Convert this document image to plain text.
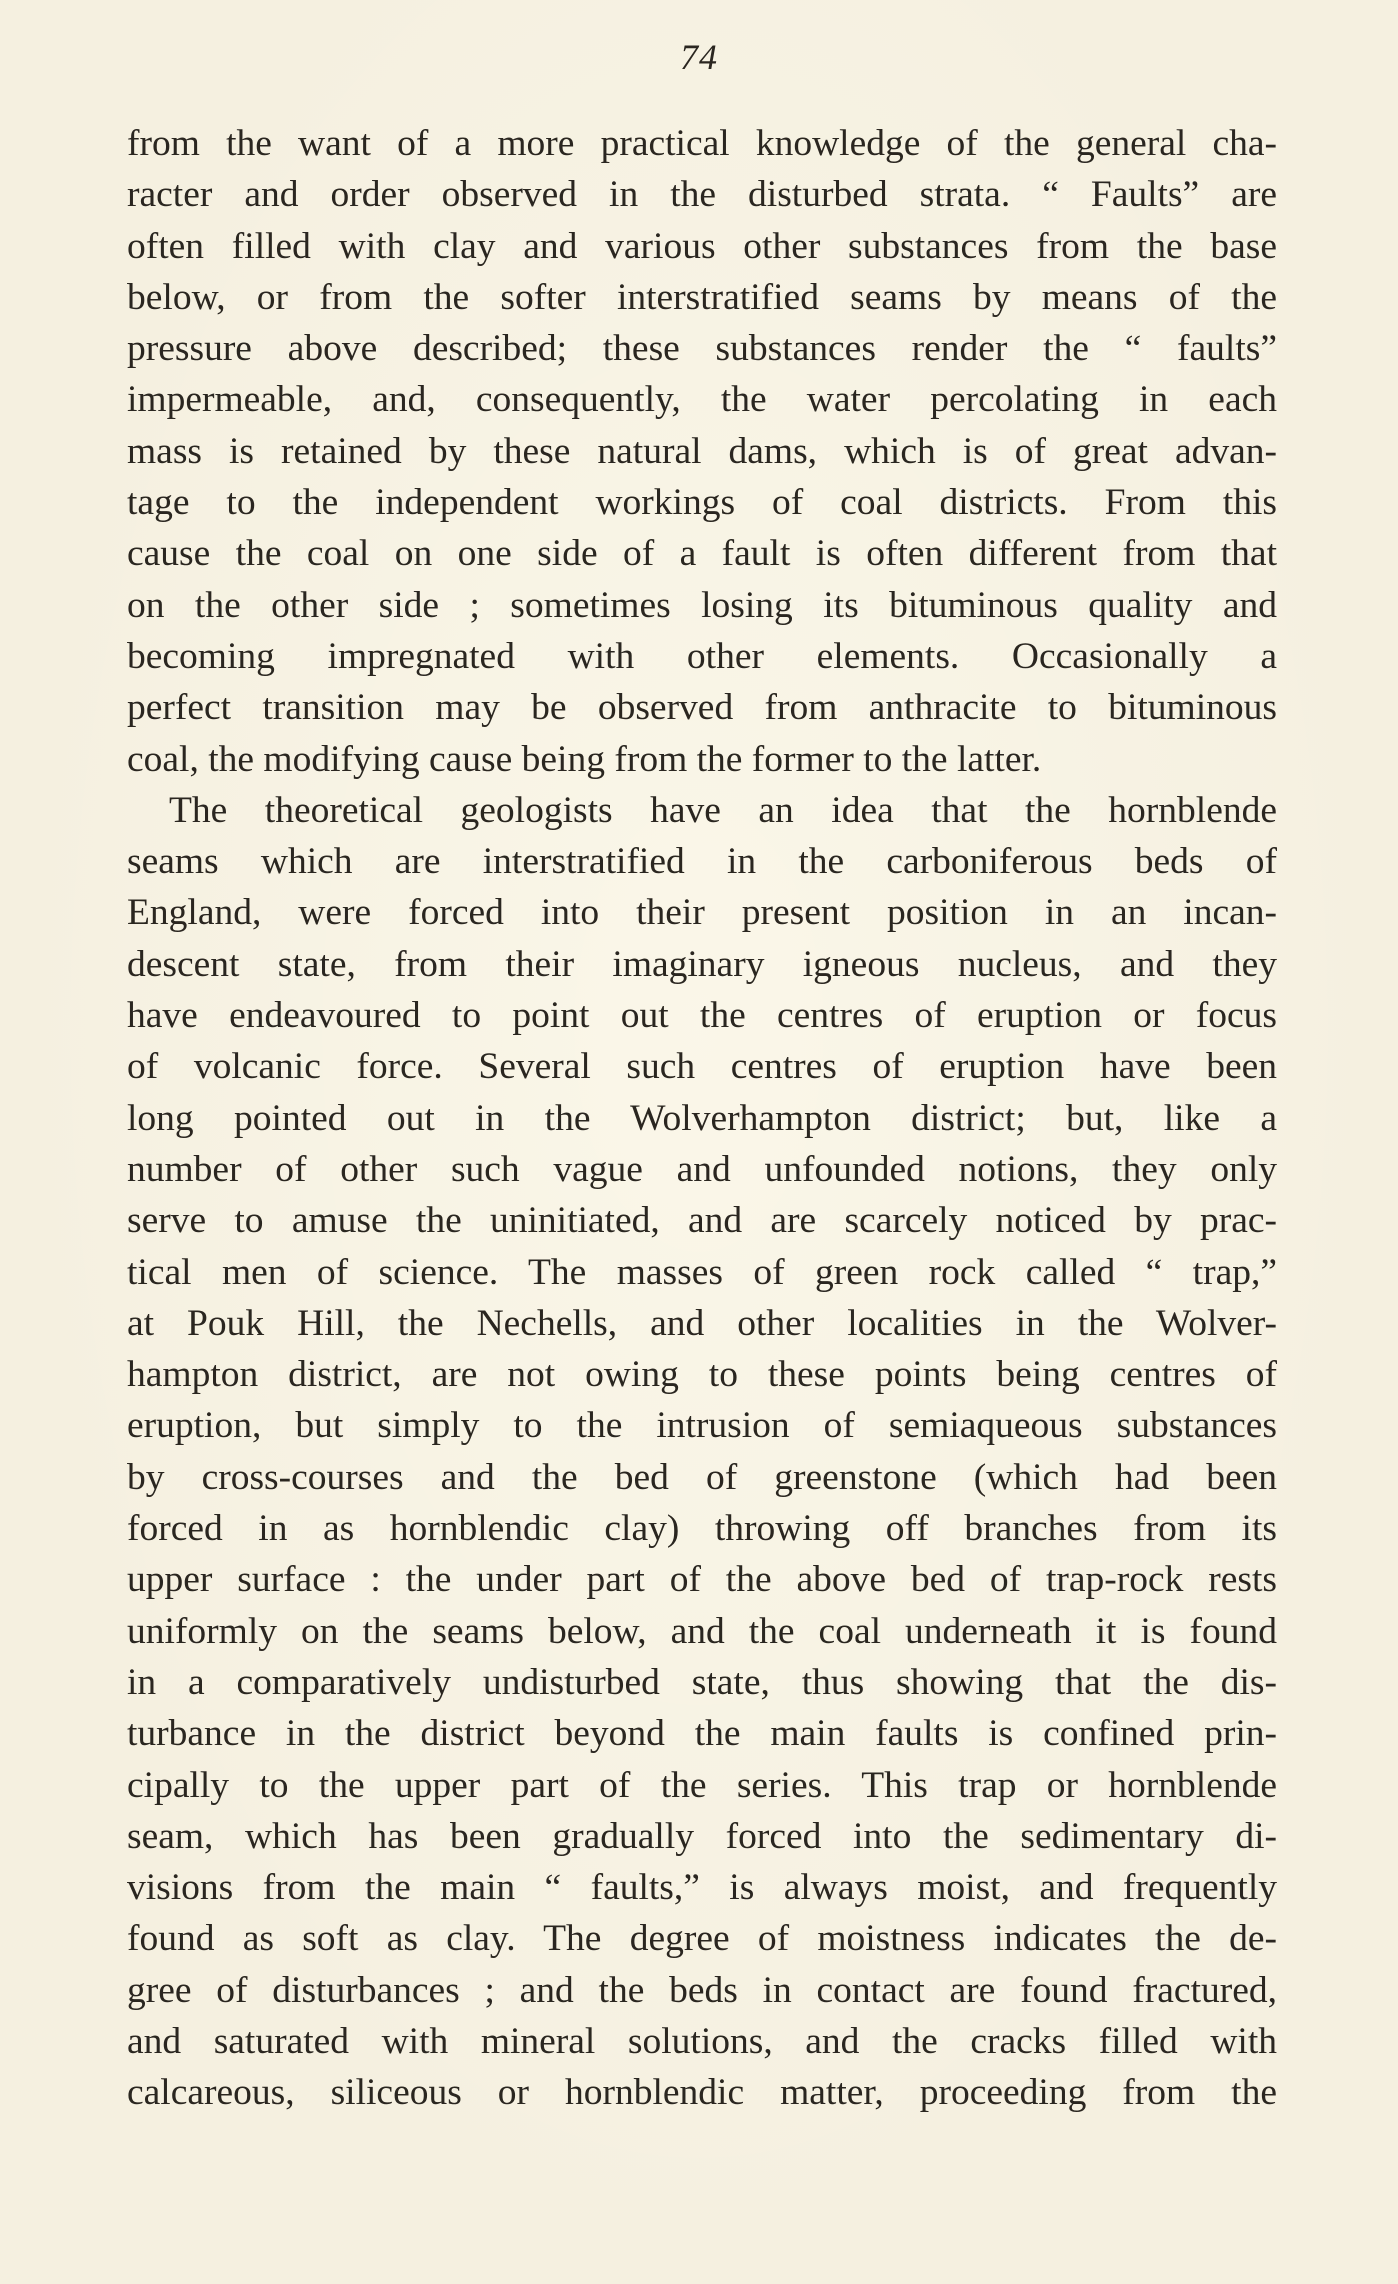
74
from the want of a more practical knowledge of the general cha-
racter and order observed in the disturbed strata. “ Faults” are
often filled with clay and various other substances from the base
below, or from the softer interstratified seams by means of the
pressure above described; these substances render the “ faults”
impermeable, and, consequently, the water percolating in each
mass is retained by these natural dams, which is of great advan-
tage to the independent workings of coal districts. From this
cause the coal on one side of a fault is often different from that
on the other side ; sometimes losing its bituminous quality and
becoming impregnated with other elements. Occasionally a
perfect transition may be observed from anthracite to bituminous
coal, the modifying cause being from the former to the latter.
The theoretical geologists have an idea that the hornblende
seams which are interstratified in the carboniferous beds of
England, were forced into their present position in an incan-
descent state, from their imaginary igneous nucleus, and they
have endeavoured to point out the centres of eruption or focus
of volcanic force. Several such centres of eruption have been
long pointed out in the Wolverhampton district; but, like a
number of other such vague and unfounded notions, they only
serve to amuse the uninitiated, and are scarcely noticed by prac-
tical men of science. The masses of green rock called “ trap,”
at Pouk Hill, the Nechells, and other localities in the Wolver-
hampton district, are not owing to these points being centres of
eruption, but simply to the intrusion of semiaqueous substances
by cross-courses and the bed of greenstone (which had been
forced in as hornblendic clay) throwing off branches from its
upper surface : the under part of the above bed of trap-rock rests
uniformly on the seams below, and the coal underneath it is found
in a comparatively undisturbed state, thus showing that the dis-
turbance in the district beyond the main faults is confined prin-
cipally to the upper part of the series. This trap or hornblende
seam, which has been gradually forced into the sedimentary di-
visions from the main “ faults,” is always moist, and frequently
found as soft as clay. The degree of moistness indicates the de-
gree of disturbances ; and the beds in contact are found fractured,
and saturated with mineral solutions, and the cracks filled with
calcareous, siliceous or hornblendic matter, proceeding from the
